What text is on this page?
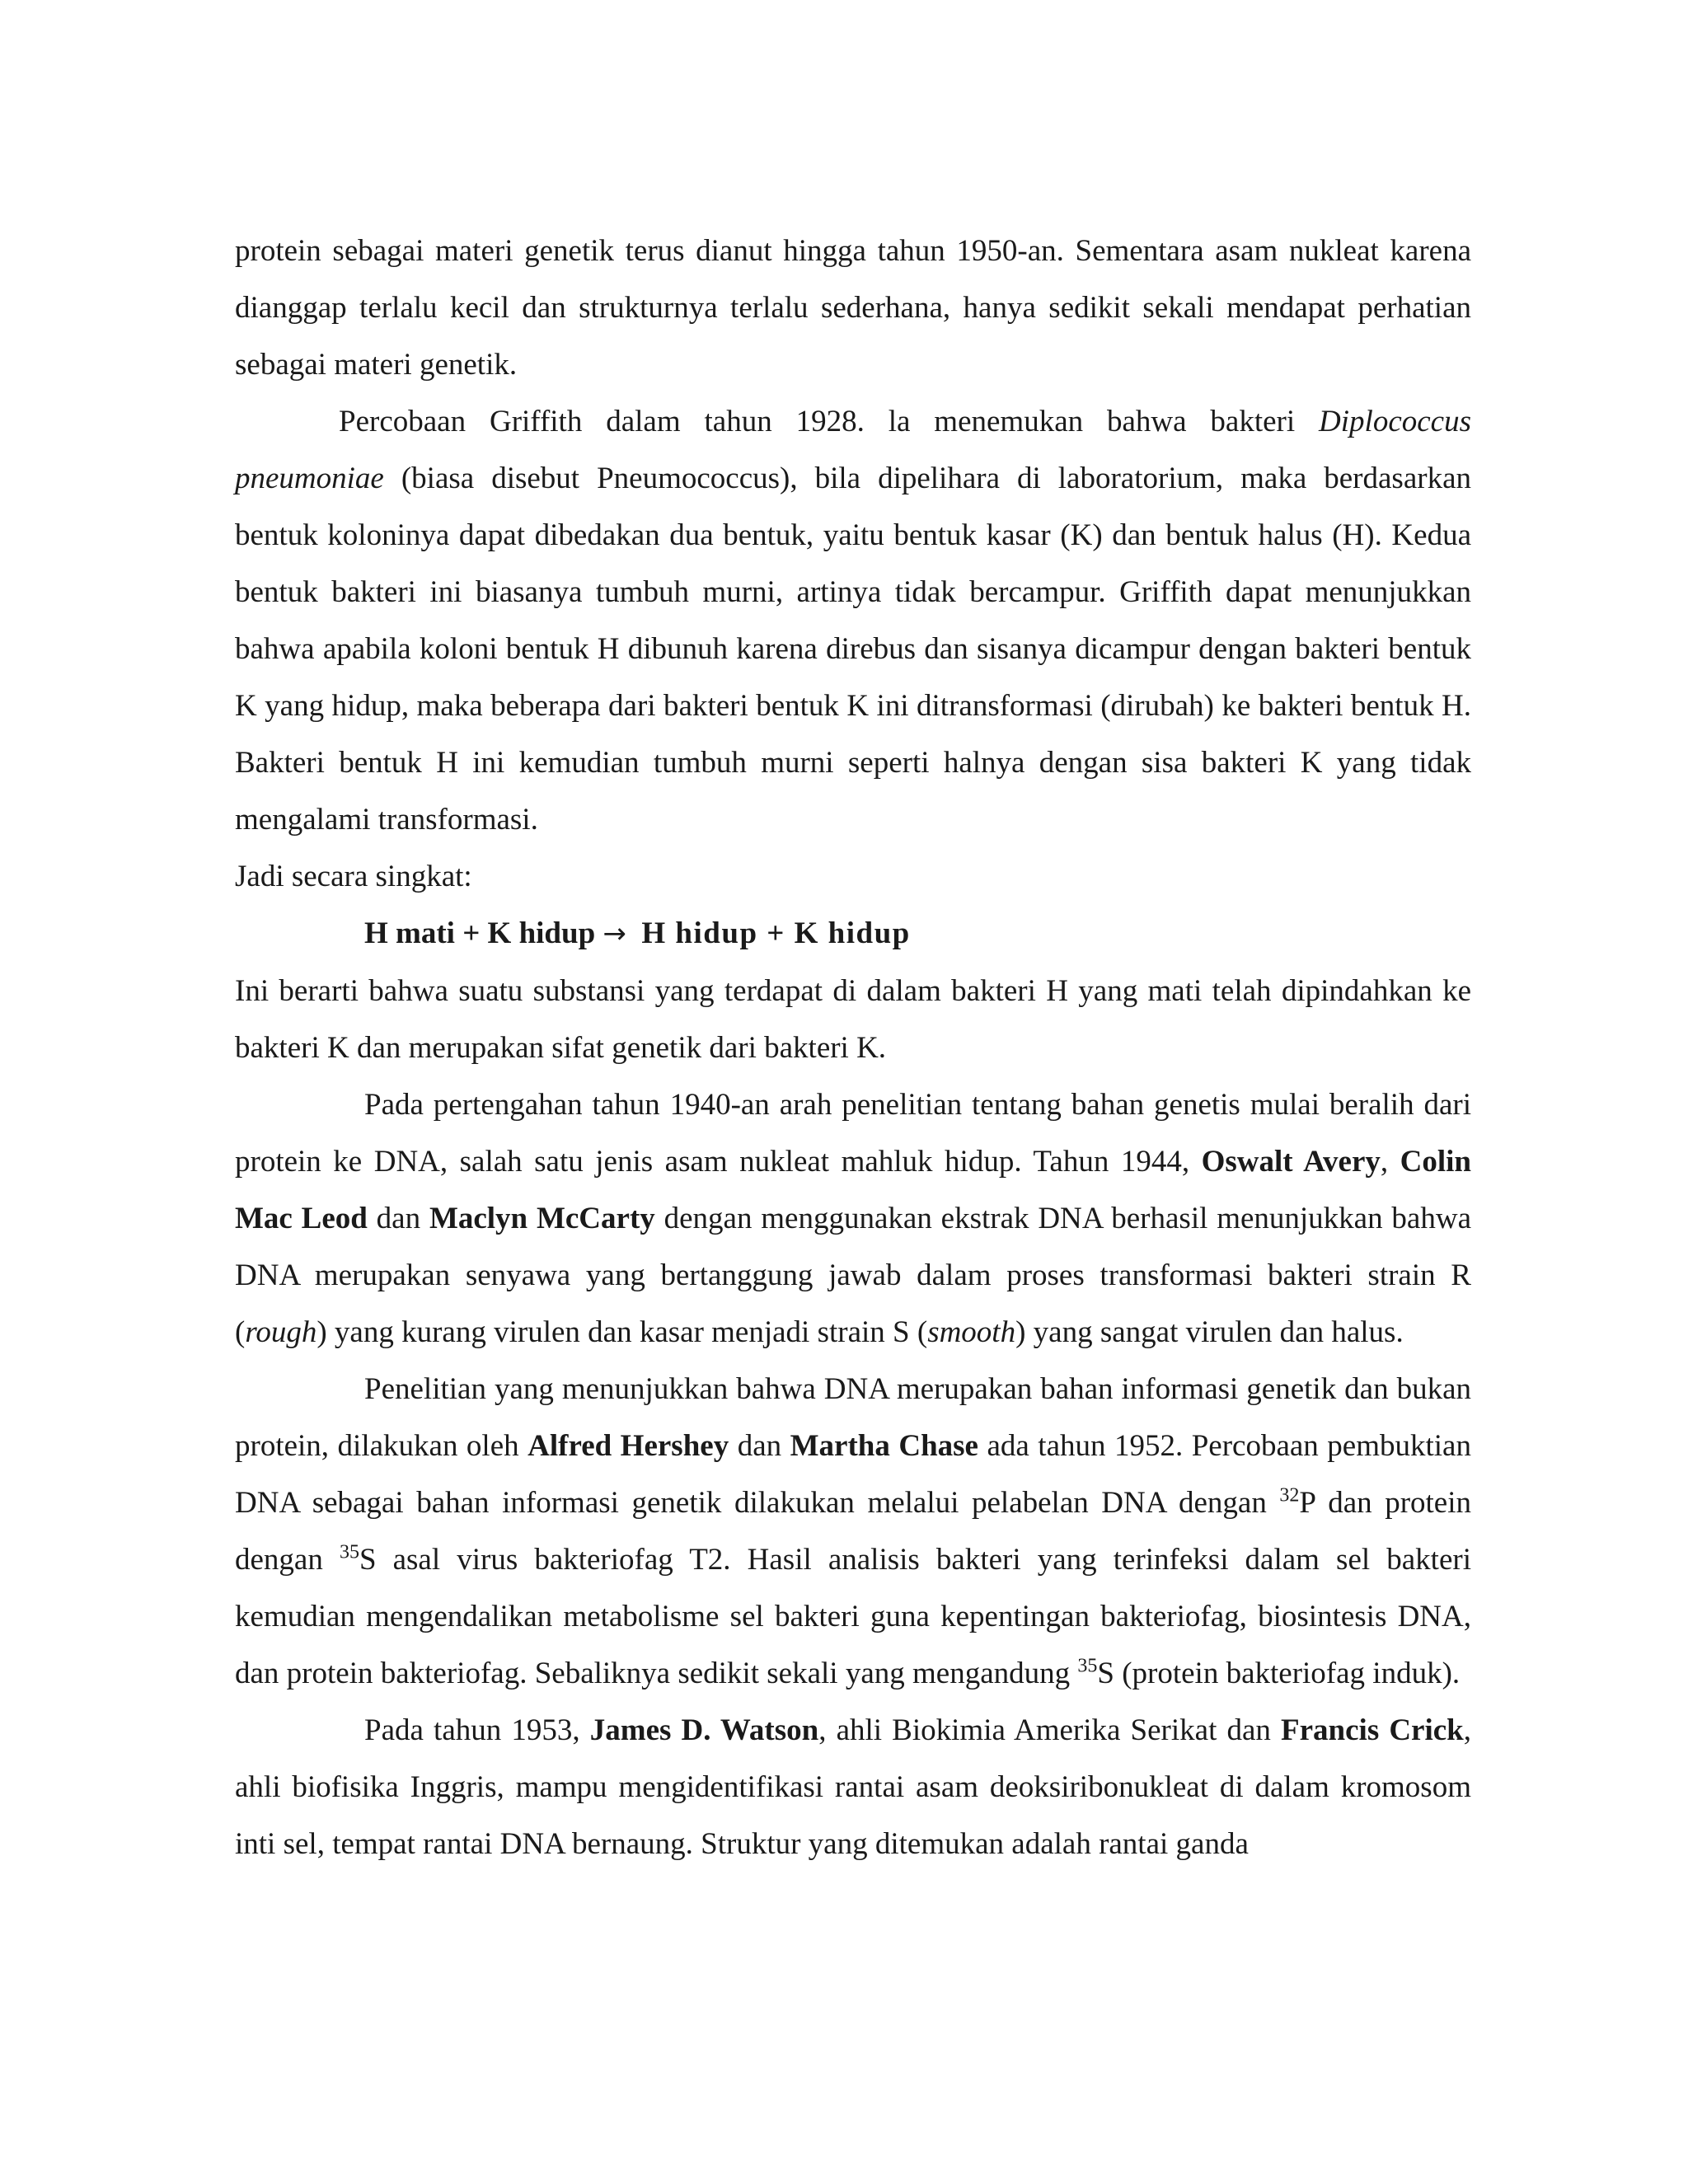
protein sebagai materi genetik terus dianut hingga tahun 1950-an. Sementara asam nukleat karena dianggap terlalu kecil dan strukturnya terlalu sederhana, hanya sedikit sekali mendapat perhatian sebagai materi genetik.

Percobaan Griffith dalam tahun 1928. la menemukan bahwa bakteri Diplococcus pneumoniae (biasa disebut Pneumococcus), bila dipelihara di laboratorium, maka berdasarkan bentuk koloninya dapat dibedakan dua bentuk, yaitu bentuk kasar (K) dan bentuk halus (H). Kedua bentuk bakteri ini biasanya tumbuh murni, artinya tidak bercampur. Griffith dapat menunjukkan bahwa apabila koloni bentuk H dibunuh karena direbus dan sisanya dicampur dengan bakteri bentuk K yang hidup, maka beberapa dari bakteri bentuk K ini ditransformasi (dirubah) ke bakteri bentuk H. Bakteri bentuk H ini kemudian tumbuh murni seperti halnya dengan sisa bakteri K yang tidak mengalami transformasi.

Jadi secara singkat:

H mati + K hidup → H hidup + K hidup

Ini berarti bahwa suatu substansi yang terdapat di dalam bakteri H yang mati telah dipindahkan ke bakteri K dan merupakan sifat genetik dari bakteri K.

Pada pertengahan tahun 1940-an arah penelitian tentang bahan genetis mulai beralih dari protein ke DNA, salah satu jenis asam nukleat mahluk hidup. Tahun 1944, Oswalt Avery, Colin Mac Leod dan Maclyn McCarty dengan menggunakan ekstrak DNA berhasil menunjukkan bahwa DNA merupakan senyawa yang bertanggung jawab dalam proses transformasi bakteri strain R (rough) yang kurang virulen dan kasar menjadi strain S (smooth) yang sangat virulen dan halus.

Penelitian yang menunjukkan bahwa DNA merupakan bahan informasi genetik dan bukan protein, dilakukan oleh Alfred Hershey dan Martha Chase ada tahun 1952. Percobaan pembuktian DNA sebagai bahan informasi genetik dilakukan melalui pelabelan DNA dengan $^{32}$P dan protein dengan $^{35}$S asal virus bakteriofag T2. Hasil analisis bakteri yang terinfeksi dalam sel bakteri kemudian mengendalikan metabolisme sel bakteri guna kepentingan bakteriofag, biosintesis DNA, dan protein bakteriofag. Sebaliknya sedikit sekali yang mengandung $^{35}$S (protein bakteriofag induk).

Pada tahun 1953, James D. Watson, ahli Biokimia Amerika Serikat dan Francis Crick, ahli biofisika Inggris, mampu mengidentifikasi rantai asam deoksiribonukleat di dalam kromosom inti sel, tempat rantai DNA bernaung. Struktur yang ditemukan adalah rantai ganda
